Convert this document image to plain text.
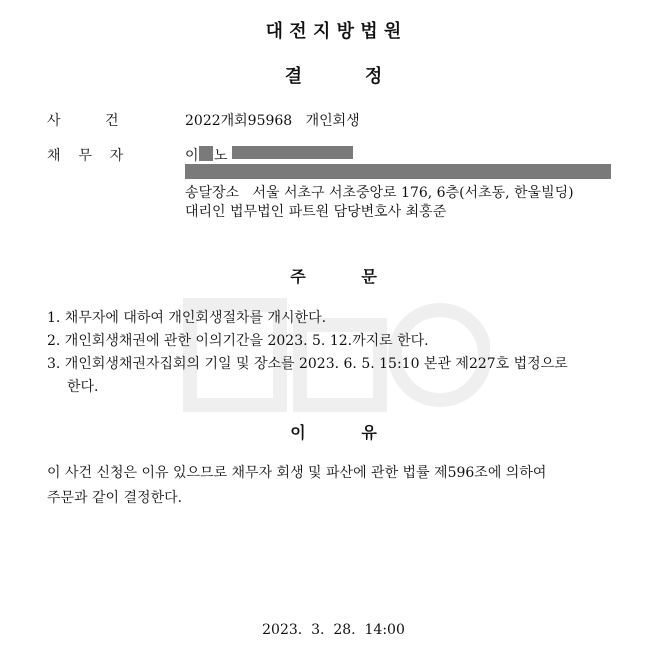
대 전 지 방 법 원
결          정
사          건	2022개회95968   개인회생
채    무    자	이 노
송달장소   서울 서초구 서초중앙로 176, 6층(서초동, 한울빌딩)
대리인 법무법인 파트원 담당변호사 최홍준
주          문
1. 채무자에 대하여 개인회생절차를 개시한다.
2. 개인회생채권에 관한 이의기간을 2023. 5. 12.까지로 한다.
3. 개인회생채권자집회의 기일 및 장소를 2023. 6. 5. 15:10 본관 제227호 법정으로
한다.
이          유
이 사건 신청은 이유 있으므로 채무자 회생 및 파산에 관한 법률 제596조에 의하여
주문과 같이 결정한다.
2023.  3.  28.  14:00
